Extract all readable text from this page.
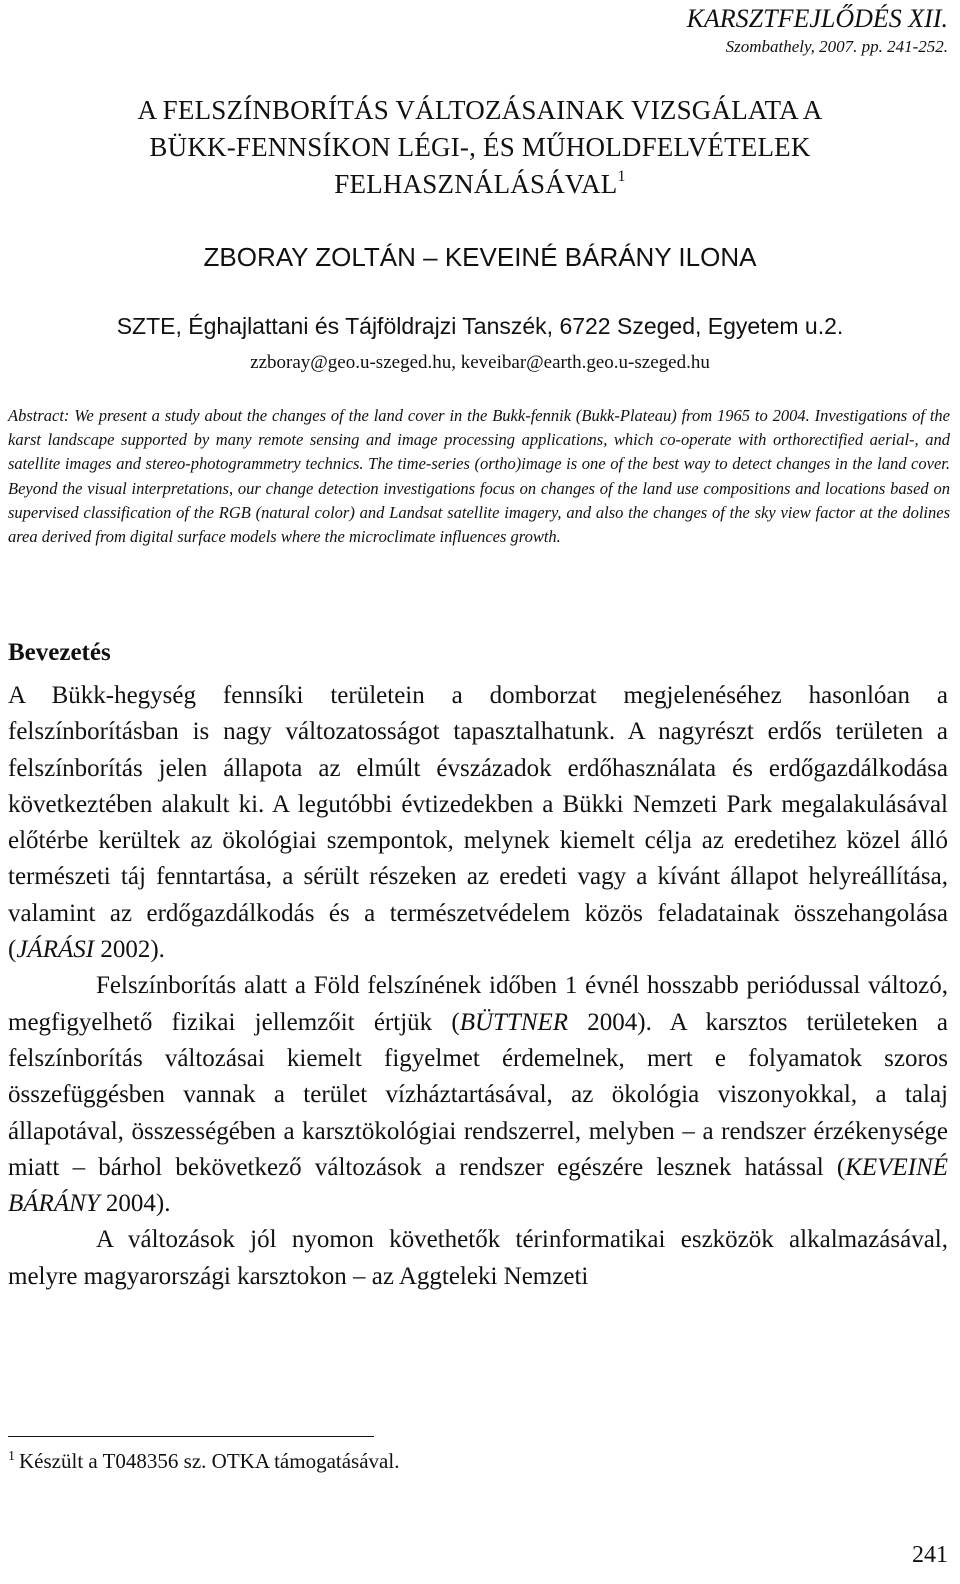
KARSZTFEJLŐDÉS XII.
Szombathely, 2007. pp. 241-252.
A FELSZÍNBORÍTÁS VÁLTOZÁSAINAK VIZSGÁLATA A
BÜKK-FENNSÍKON LÉGI-, ÉS MŰHOLDFELVÉTELEK
FELHASZNÁLÁSÁVAL$^1$
ZBORAY ZOLTÁN – KEVEINÉ BÁRÁNY ILONA
SZTE, Éghajlattani és Tájföldrajzi Tanszék, 6722 Szeged, Egyetem u.2.
zzboray@geo.u-szeged.hu, keveibar@earth.geo.u-szeged.hu
Abstract: We present a study about the changes of the land cover in the Bukk-fennik (Bukk-Plateau) from 1965 to 2004. Investigations of the karst landscape supported by many remote sensing and image processing applications, which co-operate with orthorectified aerial-, and satellite images and stereo-photogrammetry technics. The time-series (ortho)image is one of the best way to detect changes in the land cover. Beyond the visual interpretations, our change detection investigations focus on changes of the land use compositions and locations based on supervised classification of the RGB (natural color) and Landsat satellite imagery, and also the changes of the sky view factor at the dolines area derived from digital surface models where the microclimate influences growth.
Bevezetés

A Bükk-hegység fennsíki területein a domborzat megjelenéséhez hasonlóan a felszínborításban is nagy változatosságot tapasztalhatunk. A nagyrészt erdős területen a felszínborítás jelen állapota az elmúlt évszázadok erdőhasználata és erdőgazdálkodása következtében alakult ki. A legutóbbi évtizedekben a Bükki Nemzeti Park megalakulásával előtérbe kerültek az ökológiai szempontok, melynek kiemelt célja az eredetihez közel álló természeti táj fenntartása, a sérült részeken az eredeti vagy a kívánt állapot helyreállítása, valamint az erdőgazdálkodás és a természetvédelem közös feladatainak összehangolása (JÁRÁSI 2002).

Felszínborítás alatt a Föld felszínének időben 1 évnél hosszabb periódussal változó, megfigyelhető fizikai jellemzőit értjük (BÜTTNER 2004). A karsztos területeken a felszínborítás változásai kiemelt figyelmet érdemelnek, mert e folyamatok szoros összefüggésben vannak a terület vízháztartásával, az ökológia viszonyokkal, a talaj állapotával, összességében a karsztökológiai rendszerrel, melyben – a rendszer érzékenysége miatt – bárhol bekövetkező változások a rendszer egészére lesznek hatással (KEVEINÉ BÁRÁNY 2004).

A változások jól nyomon követhetők térinformatikai eszközök alkalmazásával, melyre magyarországi karsztokon – az Aggteleki Nemzeti

$^1$ Készült a T048356 sz. OTKA támogatásával.
241
